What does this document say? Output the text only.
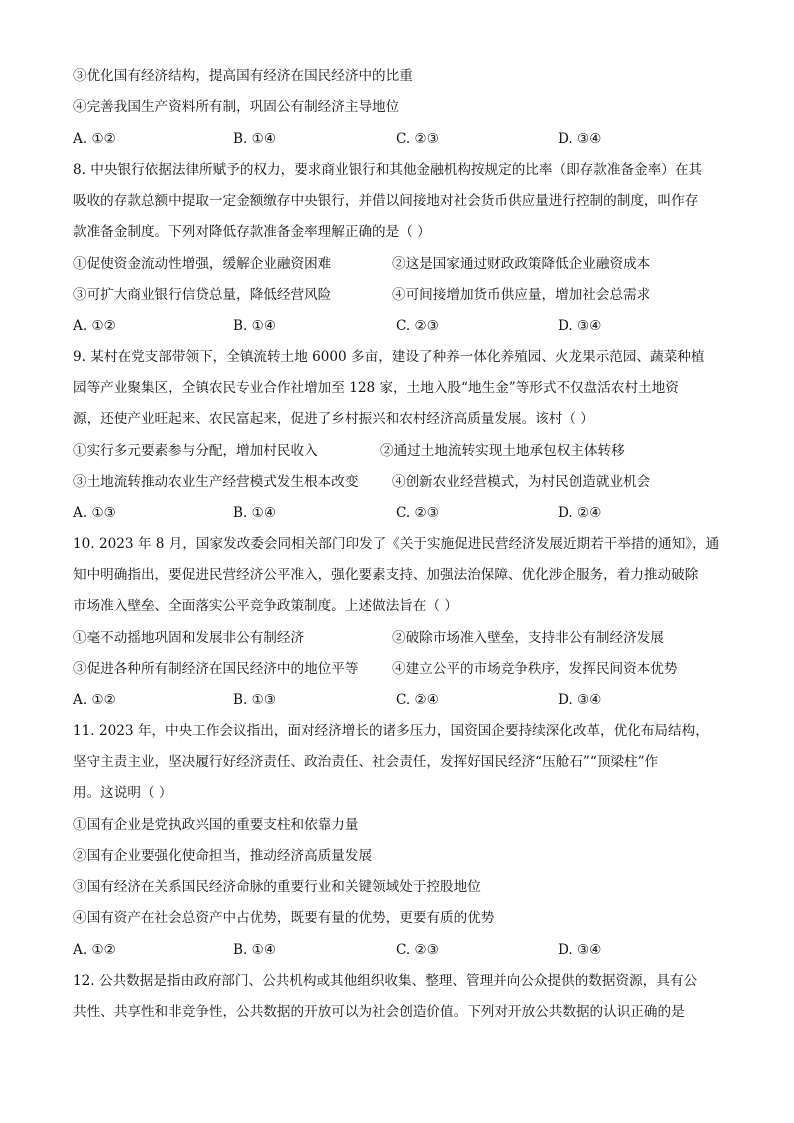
③优化国有经济结构，提高国有经济在国民经济中的比重
④完善我国生产资料所有制，巩固公有制经济主导地位
A. ①②	B. ①④	C. ②③	D. ③④
8. 中央银行依据法律所赋予的权力，要求商业银行和其他金融机构按规定的比率（即存款准备金率）在其
吸收的存款总额中提取一定金额缴存中央银行，并借以间接地对社会货币供应量进行控制的制度，叫作存
款准备金制度。下列对降低存款准备金率理解正确的是（ ）
①促使资金流动性增强，缓解企业融资困难	②这是国家通过财政政策降低企业融资成本
③可扩大商业银行信贷总量，降低经营风险	④可间接增加货币供应量，增加社会总需求
A. ①②	B. ①④	C. ②③	D. ③④
9. 某村在党支部带领下，全镇流转土地 6000 多亩，建设了种养一体化养殖园、火龙果示范园、蔬菜种植
园等产业聚集区，全镇农民专业合作社增加至 128 家，土地入股“地生金”等形式不仅盘活农村土地资
源，还使产业旺起来、农民富起来，促进了乡村振兴和农村经济高质量发展。该村（ ）
①实行多元要素参与分配，增加村民收入	②通过土地流转实现土地承包权主体转移
③土地流转推动农业生产经营模式发生根本改变 ④创新农业经营模式，为村民创造就业机会
A. ①③	B. ①④	C. ②③	D. ②④
10. 2023 年 8 月，国家发改委会同相关部门印发了《关于实施促进民营经济发展近期若干举措的通知》，通
知中明确指出，要促进民营经济公平准入，强化要素支持、加强法治保障、优化涉企服务，着力推动破除
市场准入壁垒、全面落实公平竞争政策制度。上述做法旨在（ ）
①毫不动摇地巩固和发展非公有制经济	②破除市场准入壁垒，支持非公有制经济发展
③促进各种所有制经济在国民经济中的地位平等 ④建立公平的市场竞争秩序，发挥民间资本优势
A. ①②	B. ①③	C. ②④	D. ③④
11. 2023 年，中央工作会议指出，面对经济增长的诸多压力，国资国企要持续深化改革，优化布局结构，
坚守主责主业，坚决履行好经济责任、政治责任、社会责任，发挥好国民经济“压舱石”“顶梁柱”作
用。这说明（ ）
①国有企业是党执政兴国的重要支柱和依靠力量
②国有企业要强化使命担当，推动经济高质量发展
③国有经济在关系国民经济命脉的重要行业和关键领域处于控股地位
④国有资产在社会总资产中占优势，既要有量的优势，更要有质的优势
A. ①②	B. ①④	C. ②③	D. ③④
12. 公共数据是指由政府部门、公共机构或其他组织收集、整理、管理并向公众提供的数据资源，具有公
共性、共享性和非竞争性，公共数据的开放可以为社会创造价值。下列对开放公共数据的认识正确的是
